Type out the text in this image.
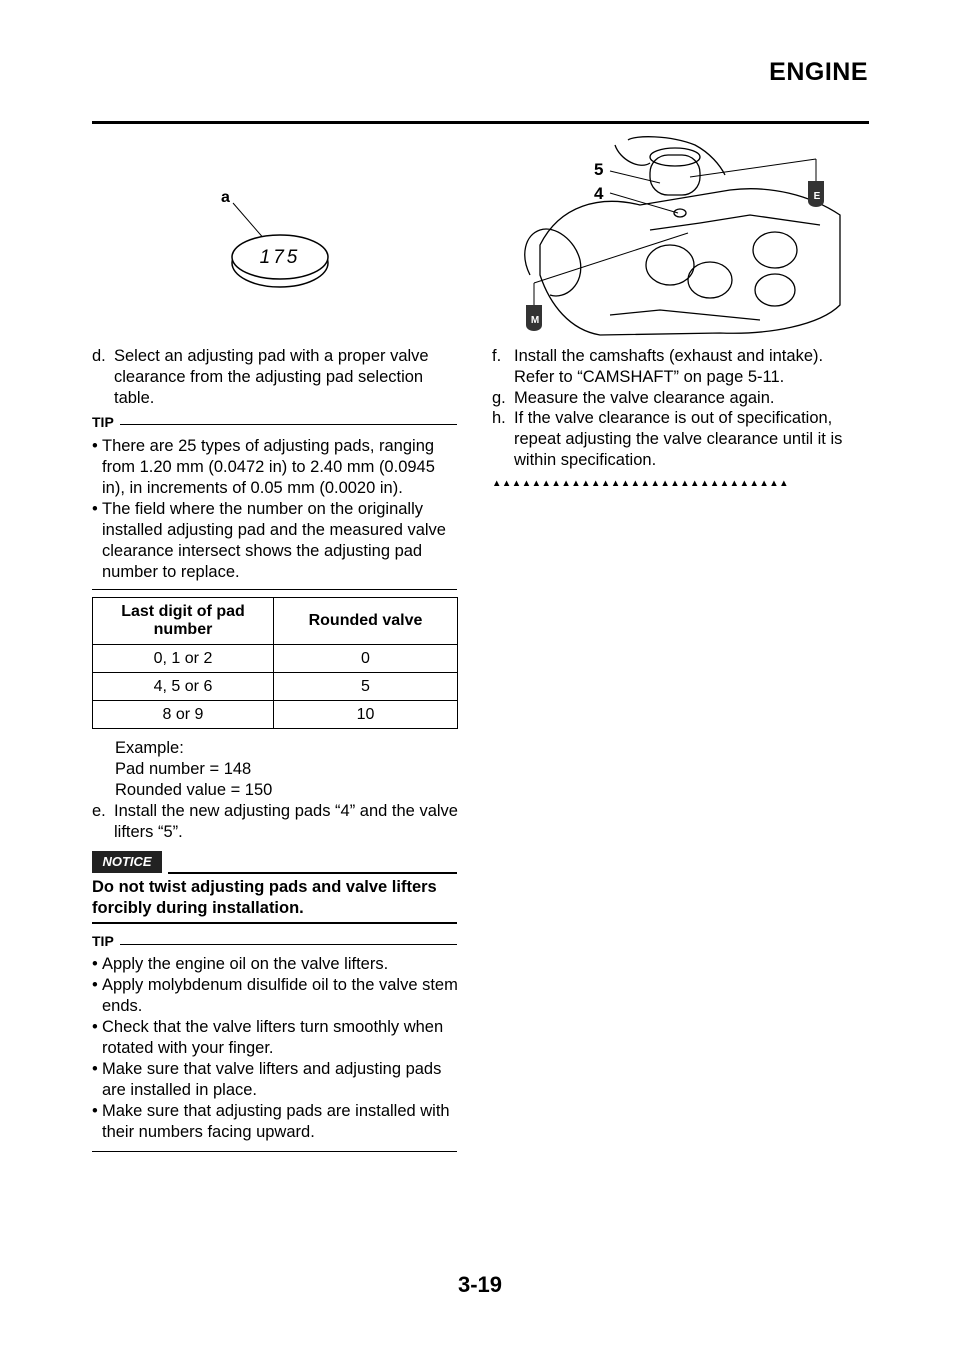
ENGINE
175
a
5
4	E
M
d. Select an adjusting pad with a proper valve clearance from the adjusting pad selection table.
TIP
• There are 25 types of adjusting pads, ranging from 1.20 mm (0.0472 in) to 2.40 mm (0.0945 in), in increments of 0.05 mm (0.0020 in).
• The field where the number on the originally installed adjusting pad and the measured valve clearance intersect shows the adjusting pad number to replace.
Last digit of pad number	Rounded valve
0, 1 or 2	0
4, 5 or 6	5
8 or 9	10
Example:
Pad number = 148
Rounded value = 150
e. Install the new adjusting pads “4” and the valve lifters “5”.
NOTICE
Do not twist adjusting pads and valve lifters forcibly during installation.
TIP
• Apply the engine oil on the valve lifters.
• Apply molybdenum disulfide oil to the valve stem ends.
• Check that the valve lifters turn smoothly when rotated with your finger.
• Make sure that valve lifters and adjusting pads are installed in place.
• Make sure that adjusting pads are installed with their numbers facing upward.
f. Install the camshafts (exhaust and intake). Refer to “CAMSHAFT” on page 5-11.
g. Measure the valve clearance again.
h. If the valve clearance is out of specification, repeat adjusting the valve clearance until it is within specification.
▲▲▲▲▲▲▲▲▲▲▲▲▲▲▲▲▲▲▲▲▲▲▲▲▲▲▲▲▲▲
3-19
